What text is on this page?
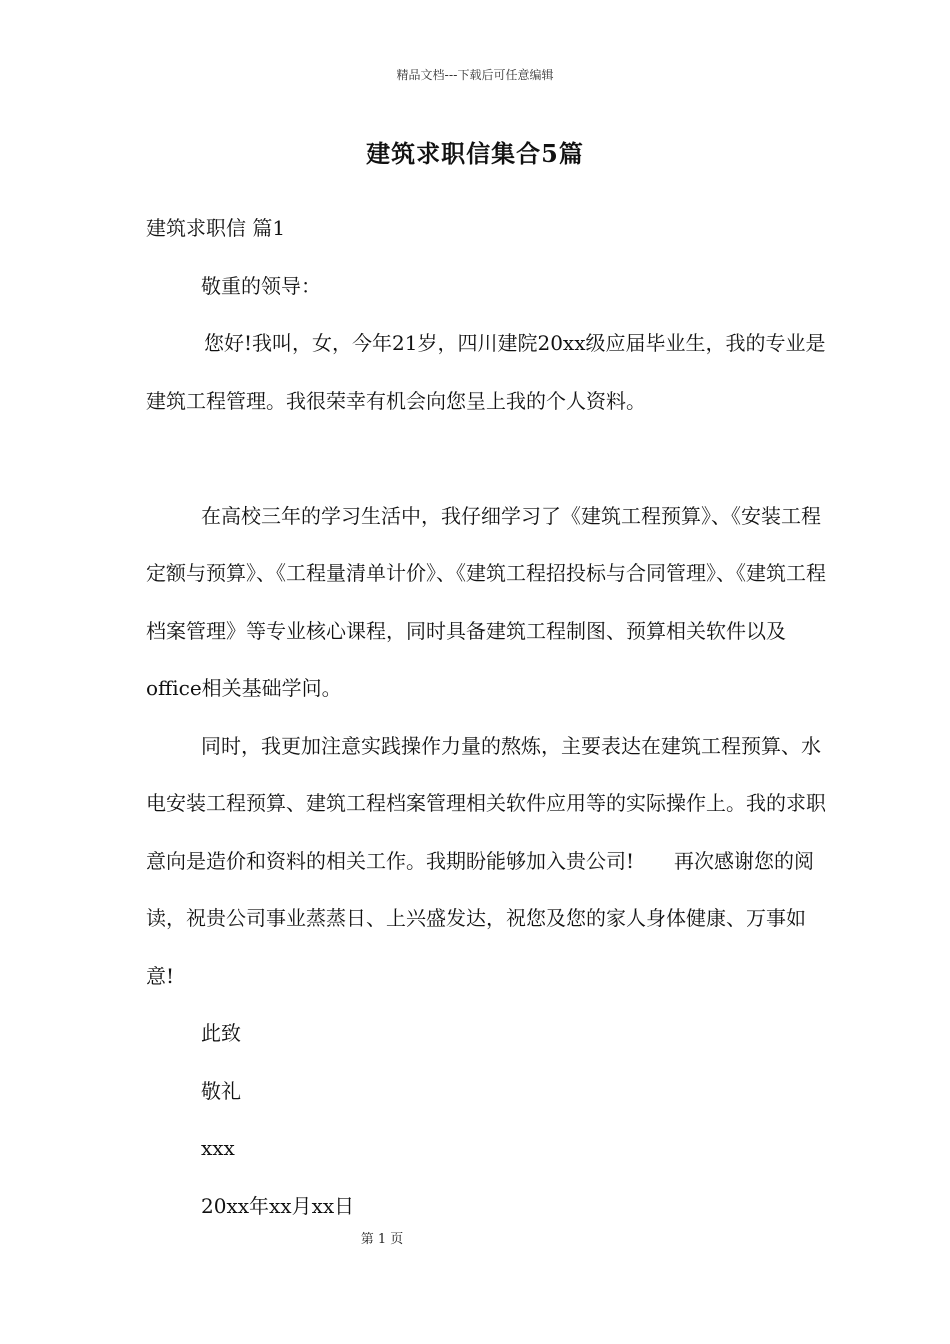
精品文档---下载后可任意编辑
建筑求职信集合5篇

建筑求职信 篇1

敬重的领导：

您好!我叫，女，今年21岁，四川建院20xx级应届毕业生，我的专业是建筑工程管理。我很荣幸有机会向您呈上我的个人资料。

在高校三年的学习生活中，我仔细学习了《建筑工程预算》、《安装工程定额与预算》、《工程量清单计价》、《建筑工程招投标与合同管理》、《建筑工程档案管理》等专业核心课程，同时具备建筑工程制图、预算相关软件以及office相关基础学问。

同时，我更加注意实践操作力量的熬炼，主要表达在建筑工程预算、水电安装工程预算、建筑工程档案管理相关软件应用等的实际操作上。我的求职意向是造价和资料的相关工作。我期盼能够加入贵公司!　　再次感谢您的阅读，祝贵公司事业蒸蒸日、上兴盛发达，祝您及您的家人身体健康、万事如意!

此致

敬礼

xxx

20xx年xx月xx日

第 1 页
